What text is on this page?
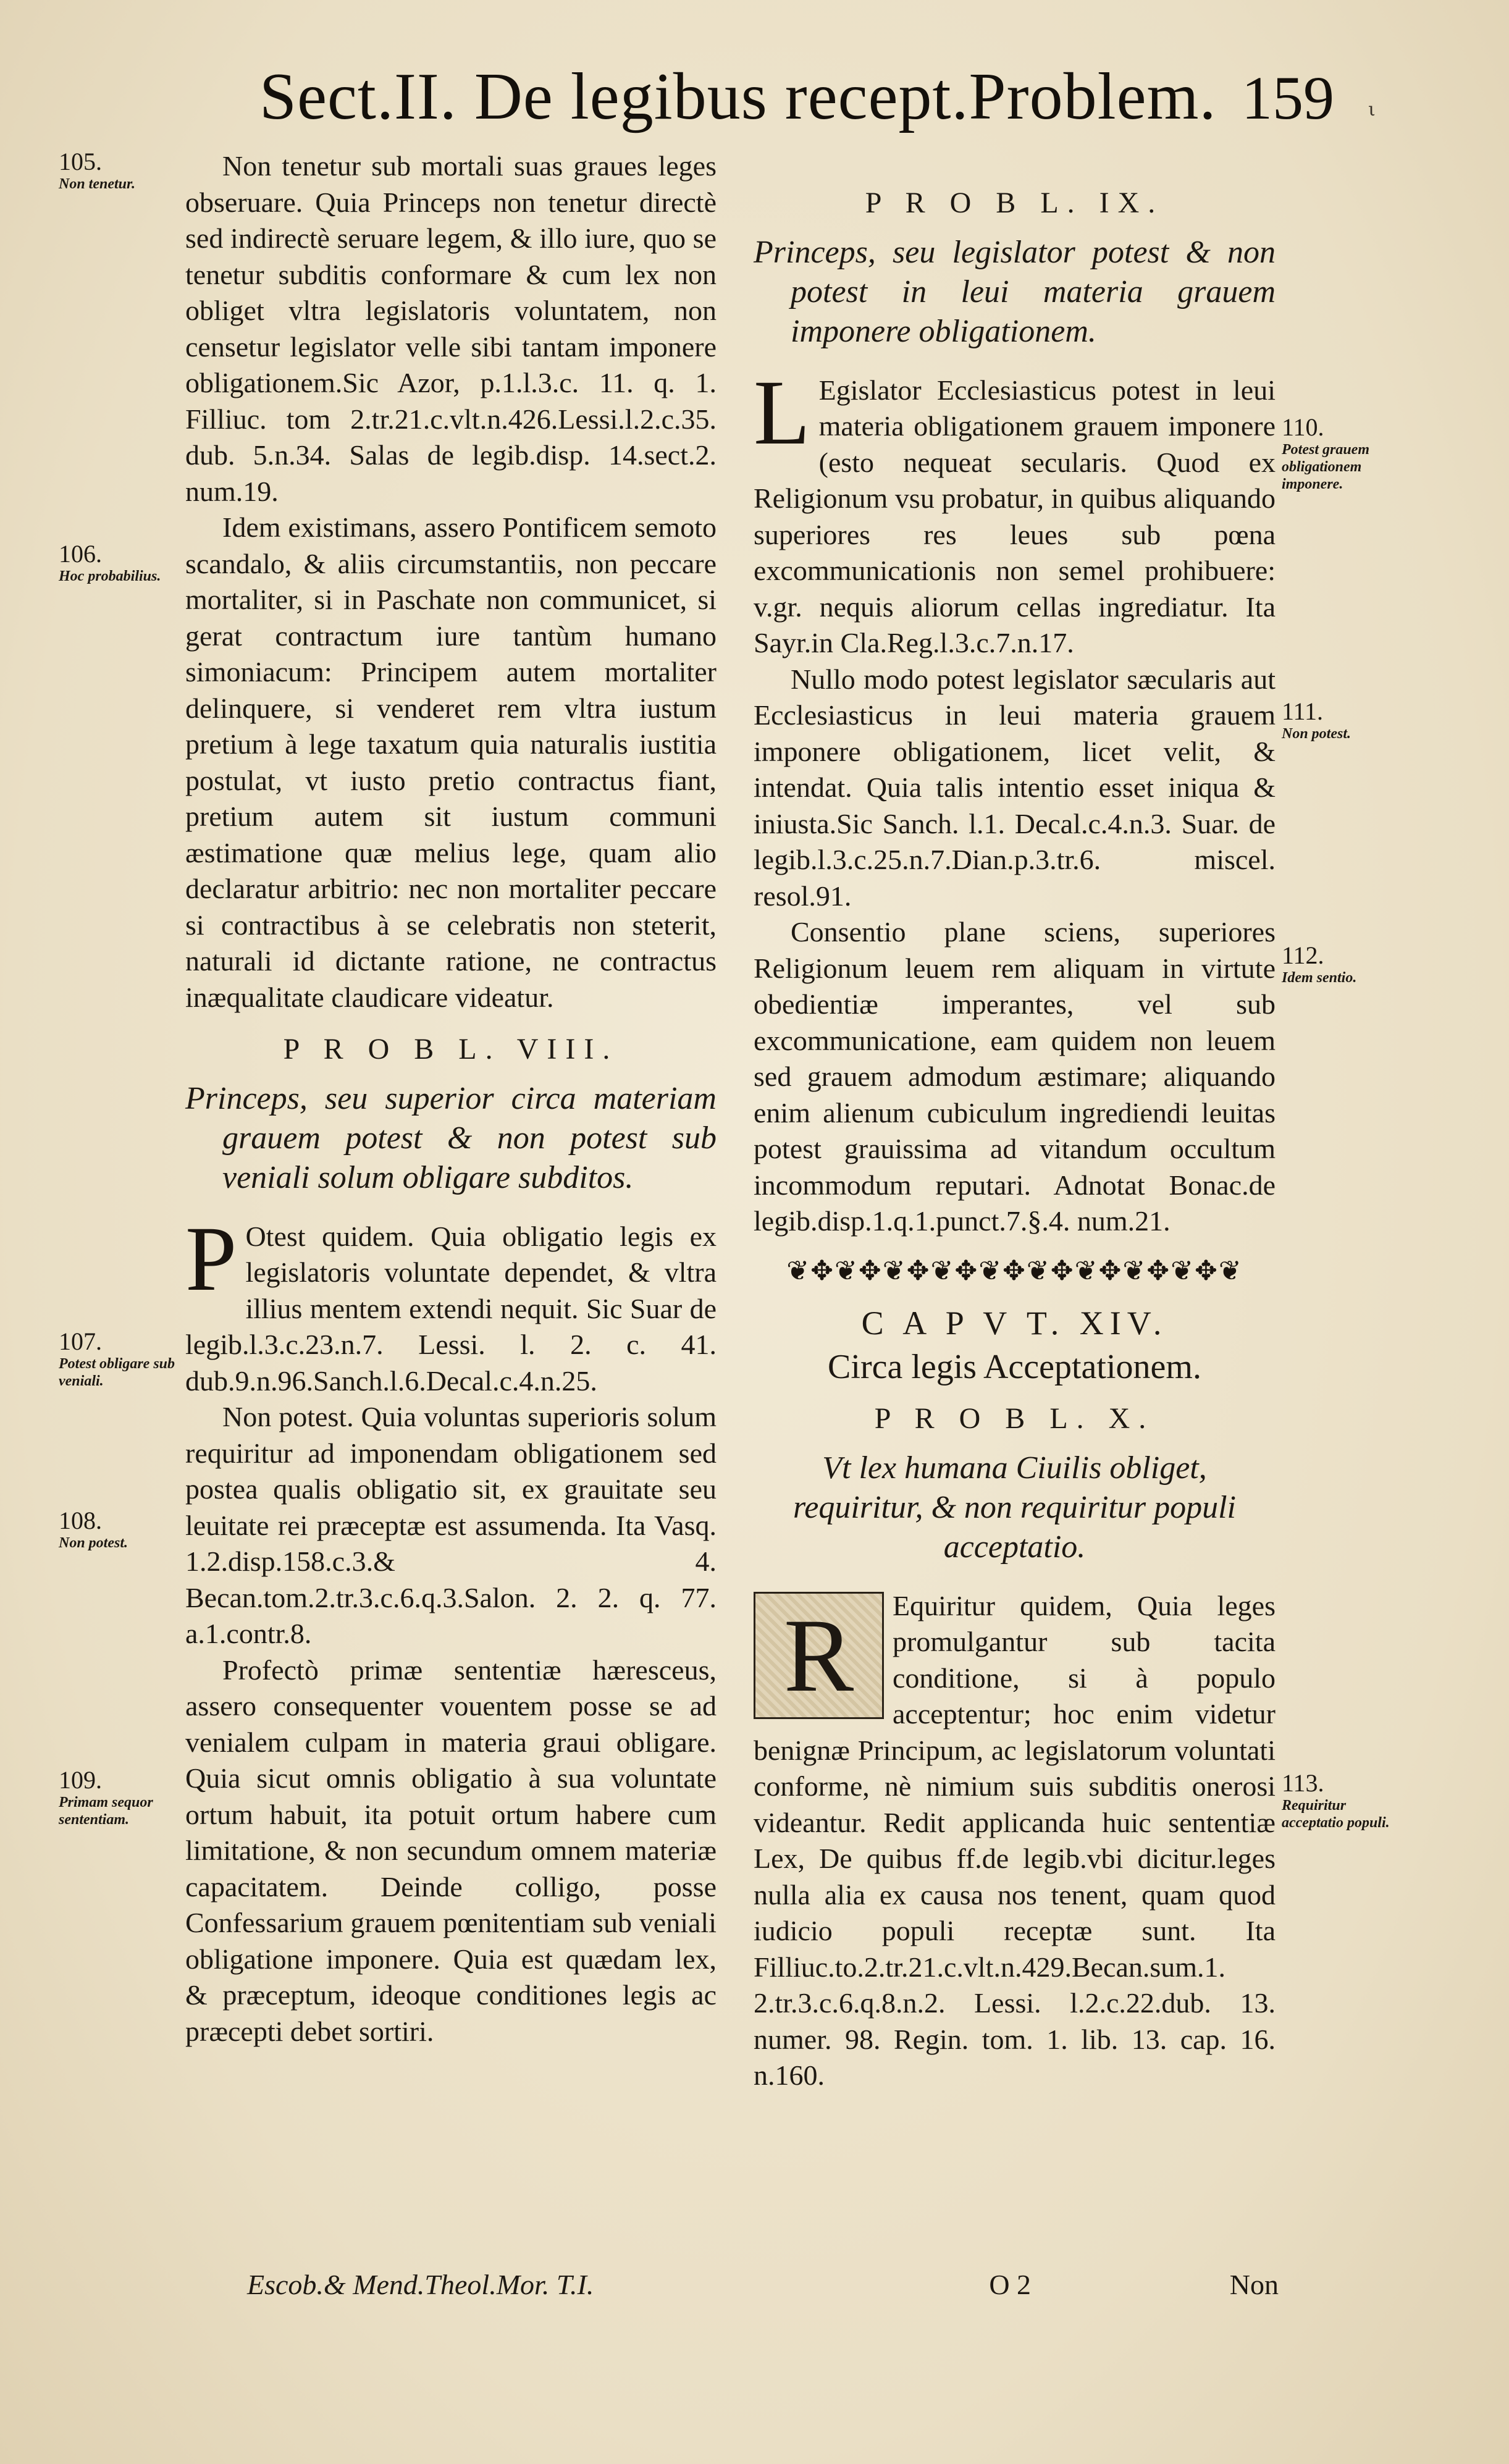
Sect.II. De legibus recept.Problem. 159 ι

Non tenetur sub mortali suas graues leges obseruare. Quia Princeps non tenetur directè sed indirectè seruare legem, & illo iure, quo se tenetur subditis conformare & cum lex non obliget vltra legislatoris voluntatem, non censetur legislator velle sibi tantam imponere obligationem.Sic Azor, p.1.l.3.c. 11. q. 1. Filliuc. tom 2.tr.21.c.vlt.n.426.Lessi.l.2.c.35. dub. 5.n.34. Salas de legib.disp. 14.sect.2. num.19.

Idem existimans, assero Pontificem semoto scandalo, & aliis circumstantiis, non peccare mortaliter, si in Paschate non communicet, si gerat contractum iure tantùm humano simoniacum: Principem autem mortaliter delinquere, si venderet rem vltra iustum pretium à lege taxatum quia naturalis iustitia postulat, vt iusto pretio contractus fiant, pretium autem sit iustum communi æstimatione quæ melius lege, quam alio declaratur arbitrio: nec non mortaliter peccare si contractibus à se celebratis non steterit, naturali id dictante ratione, ne contractus inæqualitate claudicare videatur.

P R O B L. VIII.
Princeps, seu superior circa materiam grauem potest & non potest sub veniali solum obligare subditos.

P Otest quidem. Quia obligatio legis ex legislatoris voluntate dependet, & vltra illius mentem extendi nequit. Sic Suar de legib.l.3.c.23.n.7. Lessi. l. 2. c. 41. dub.9.n.96.Sanch.l.6.Decal.c.4.n.25.

Non potest. Quia voluntas superioris solum requiritur ad imponendam obligationem sed postea qualis obligatio sit, ex grauitate seu leuitate rei præceptæ est assumenda. Ita Vasq. 1.2.disp.158.c.3.& 4. Becan.tom.2.tr.3.c.6.q.3.Salon. 2. 2. q. 77. a.1.contr.8.

Profectò primæ sententiæ hæresceus, assero consequenter vouentem posse se ad venialem culpam in materia graui obligare. Quia sicut omnis obligatio à sua voluntate ortum habuit, ita potuit ortum habere cum limitatione, & non secundum omnem materiæ capacitatem. Deinde colligo, posse Confessarium grauem pœnitentiam sub veniali obligatione imponere. Quia est quædam lex, & præceptum, ideoque conditiones legis ac præcepti debet sortiri.

P R O B L. IX.
Princeps, seu legislator potest & non potest in leui materia grauem imponere obligationem.

L Egislator Ecclesiasticus potest in leui materia obligationem grauem imponere (esto nequeat secularis. Quod ex Religionum vsu probatur, in quibus aliquando superiores res leues sub pœna excommunicationis non semel prohibuere: v.gr. nequis aliorum cellas ingrediatur. Ita Sayr.in Cla.Reg.l.3.c.7.n.17.

Nullo modo potest legislator sæcularis aut Ecclesiasticus in leui materia grauem imponere obligationem, licet velit, & intendat. Quia talis intentio esset iniqua & iniusta.Sic Sanch. l.1. Decal.c.4.n.3. Suar. de legib.l.3.c.25.n.7.Dian.p.3.tr.6. miscel. resol.91.

Consentio plane sciens, superiores Religionum leuem rem aliquam in virtute obedientiæ imperantes, vel sub excommunicatione, eam quidem non leuem sed grauem admodum æstimare; aliquando enim alienum cubiculum ingrediendi leuitas potest grauissima ad vitandum occultum incommodum reputari. Adnotat Bonac.de legib.disp.1.q.1.punct.7.§.4. num.21.

❦✥❦✥❦✥❦✥❦✥❦✥❦✥❦✥❦✥❦
C A P V T. XIV.
Circa legis Acceptationem.
P R O B L. X.
Vt lex humana Ciuilis obliget, requiritur, & non requiritur populi acceptatio.

R Equiritur quidem, Quia leges promulgantur sub tacita conditione, si à populo acceptentur; hoc enim videtur benignæ Principum, ac legislatorum voluntati conforme, nè nimium suis subditis onerosi videantur. Redit applicanda huic sententiæ Lex, De quibus ff.de legib.vbi dicitur.leges nulla alia ex causa nos tenent, quam quod iudicio populi receptæ sunt. Ita Filliuc.to.2.tr.21.c.vlt.n.429.Becan.sum.1. 2.tr.3.c.6.q.8.n.2. Lessi. l.2.c.22.dub. 13. numer. 98. Regin. tom. 1. lib. 13. cap. 16. n.160.

105.
Non tenetur.
106.
Hoc probabilius.
107.
Potest obligare sub veniali.
108.
Non potest.
109.
Primam sequor sententiam.
110.
Potest grauem obligationem imponere.
111.
Non potest.
112.
Idem sentio.
113.
Requiritur acceptatio populi.
Escob.& Mend.Theol.Mor. T.I.	O 2	Non
